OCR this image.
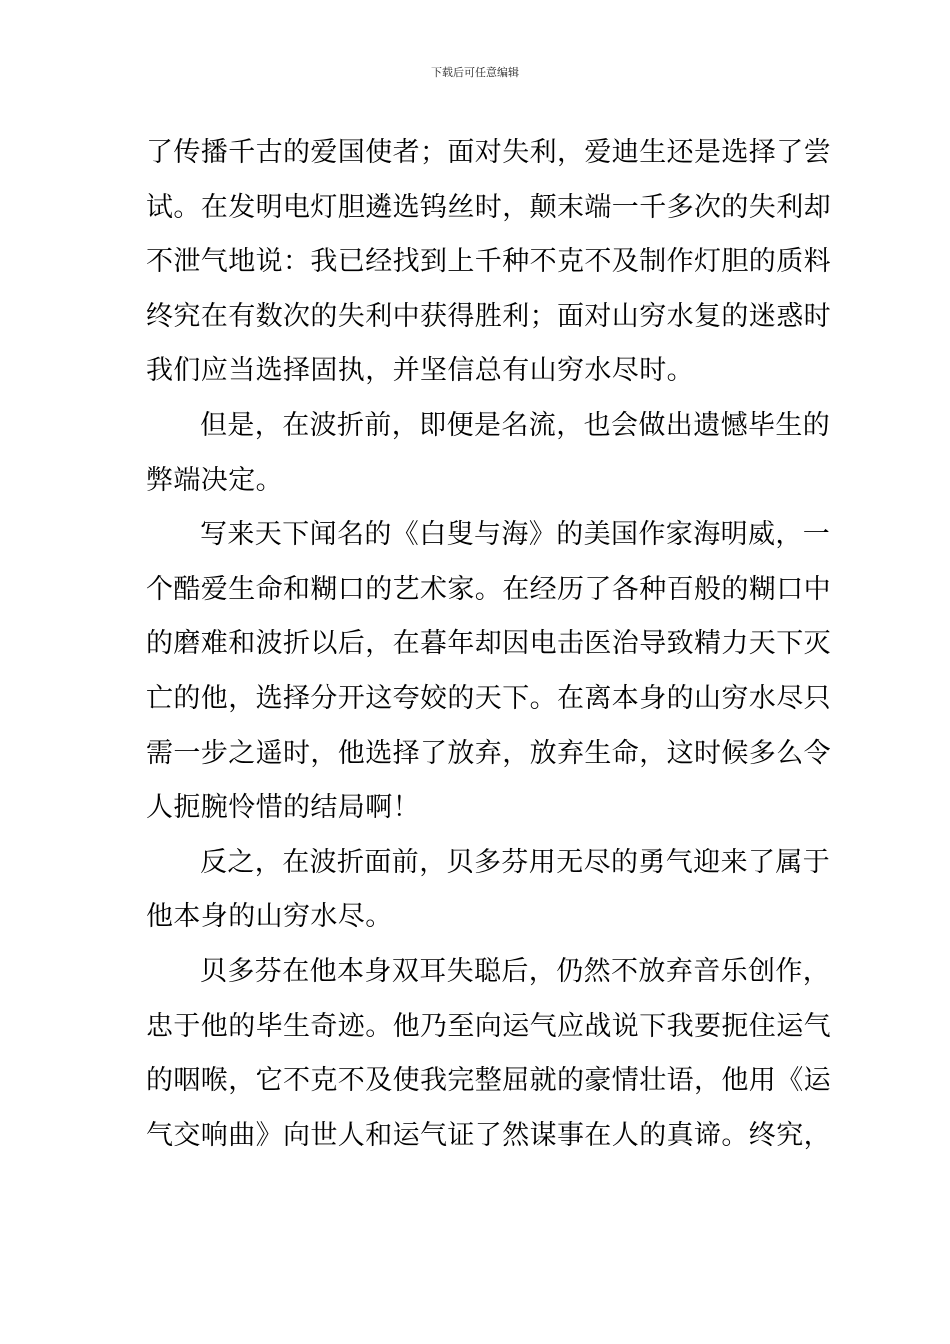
下载后可任意编辑
了传播千古的爱国使者；面对失利，爱迪生还是选择了尝
试。在发明电灯胆遴选钨丝时，颠末端一千多次的失利却
不泄气地说：我已经找到上千种不克不及制作灯胆的质料
终究在有数次的失利中获得胜利；面对山穷水复的迷惑时
我们应当选择固执，并坚信总有山穷水尽时。
但是，在波折前，即便是名流，也会做出遗憾毕生的
弊端决定。
写来天下闻名的《白叟与海》的美国作家海明威，一
个酷爱生命和糊口的艺术家。在经历了各种百般的糊口中
的磨难和波折以后，在暮年却因电击医治导致精力天下灭
亡的他，选择分开这夸姣的天下。在离本身的山穷水尽只
需一步之遥时，他选择了放弃，放弃生命，这时候多么令
人扼腕怜惜的结局啊！
反之，在波折面前，贝多芬用无尽的勇气迎来了属于
他本身的山穷水尽。
贝多芬在他本身双耳失聪后，仍然不放弃音乐创作，
忠于他的毕生奇迹。他乃至向运气应战说下我要扼住运气
的咽喉，它不克不及使我完整屈就的豪情壮语，他用《运
气交响曲》向世人和运气证了然谋事在人的真谛。终究，
